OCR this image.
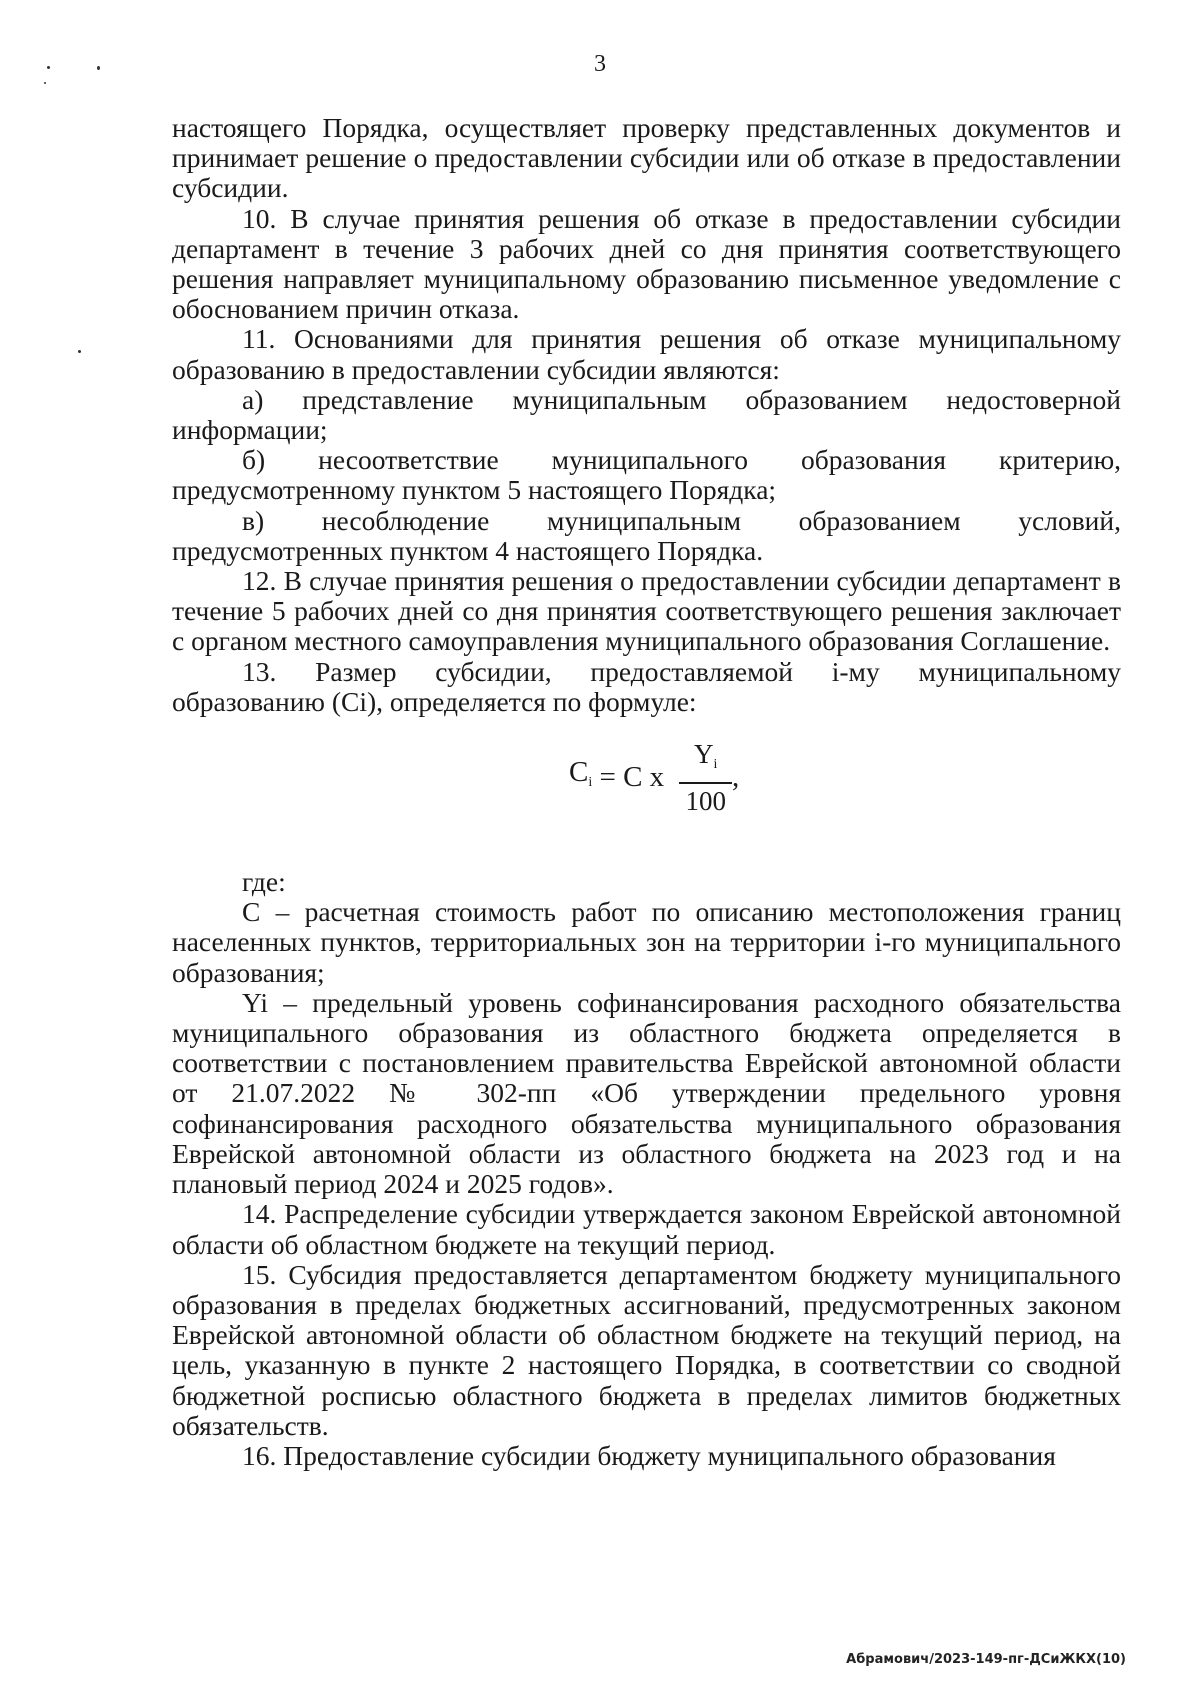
3

настоящего Порядка, осуществляет проверку представленных документов и принимает решение о предоставлении субсидии или об отказе в предоставлении субсидии.

10. В случае принятия решения об отказе в предоставлении субсидии департамент в течение 3 рабочих дней со дня принятия соответствующего решения направляет муниципальному образованию письменное уведомление с обоснованием причин отказа.

11. Основаниями для принятия решения об отказе муниципальному образованию в предоставлении субсидии являются:

а) представление муниципальным образованием недостоверной информации;

б) несоответствие муниципального образования критерию, предусмотренному пунктом 5 настоящего Порядка;

в) несоблюдение муниципальным образованием условий, предусмотренных пунктом 4 настоящего Порядка.

12. В случае принятия решения о предоставлении субсидии департамент в течение 5 рабочих дней со дня принятия соответствующего решения заключает с органом местного самоуправления муниципального образования Соглашение.

13. Размер субсидии, предоставляемой i-му муниципальному образованию (Ci), определяется по формуле:

$C_i = C$ x $\frac{Y_i}{100}$ ,

где:

С – расчетная стоимость работ по описанию местоположения границ населенных пунктов, территориальных зон на территории i-го муниципального образования;

Yi – предельный уровень софинансирования расходного обязательства муниципального образования из областного бюджета определяется в соответствии с постановлением правительства Еврейской автономной области от 21.07.2022 № 302-пп «Об утверждении предельного уровня софинансирования расходного обязательства муниципального образования Еврейской автономной области из областного бюджета на 2023 год и на плановый период 2024 и 2025 годов».

14. Распределение субсидии утверждается законом Еврейской автономной области об областном бюджете на текущий период.

15. Субсидия предоставляется департаментом бюджету муниципального образования в пределах бюджетных ассигнований, предусмотренных законом Еврейской автономной области об областном бюджете на текущий период, на цель, указанную в пункте 2 настоящего Порядка, в соответствии со сводной бюджетной росписью областного бюджета в пределах лимитов бюджетных обязательств.

16. Предоставление субсидии бюджету муниципального образования

Абрамович/2023-149-пг-ДСиЖКХ(10)
